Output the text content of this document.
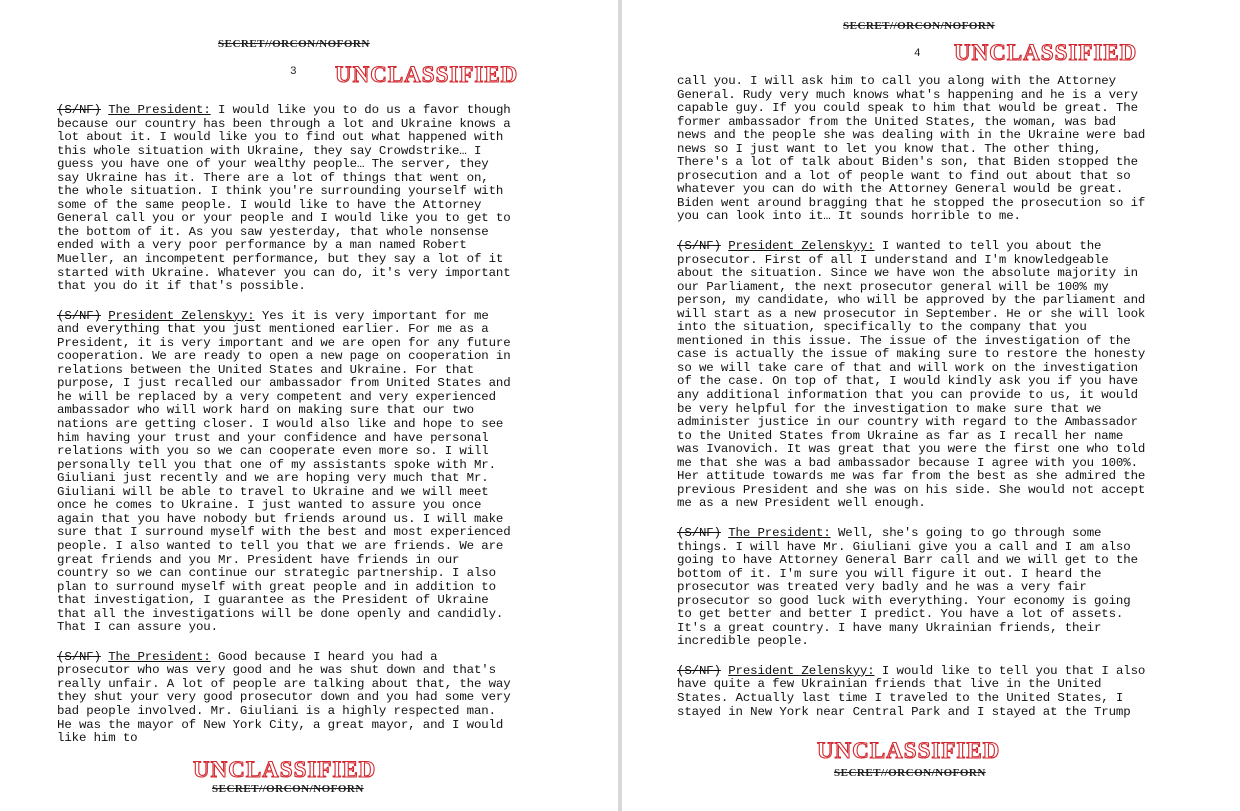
SECRET//ORCON/NOFORN
3 UNCLASSIFIED

(S/NF) The President: I would like you to do us a favor though because our country has been through a lot and Ukraine knows a lot about it. I would like you to find out what happened with this whole situation with Ukraine, they say Crowdstrike… I guess you have one of your wealthy people… The server, they say Ukraine has it. There are a lot of things that went on, the whole situation. I think you're surrounding yourself with some of the same people. I would like to have the Attorney General call you or your people and I would like you to get to the bottom of it. As you saw yesterday, that whole nonsense ended with a very poor performance by a man named Robert Mueller, an incompetent performance, but they say a lot of it started with Ukraine. Whatever you can do, it's very important that you do it if that's possible.

(S/NF) President Zelenskyy: Yes it is very important for me and everything that you just mentioned earlier. For me as a President, it is very important and we are open for any future cooperation. We are ready to open a new page on cooperation in relations between the United States and Ukraine. For that purpose, I just recalled our ambassador from United States and he will be replaced by a very competent and very experienced ambassador who will work hard on making sure that our two nations are getting closer. I would also like and hope to see him having your trust and your confidence and have personal relations with you so we can cooperate even more so. I will personally tell you that one of my assistants spoke with Mr. Giuliani just recently and we are hoping very much that Mr. Giuliani will be able to travel to Ukraine and we will meet once he comes to Ukraine. I just wanted to assure you once again that you have nobody but friends around us. I will make sure that I surround myself with the best and most experienced people. I also wanted to tell you that we are friends. We are great friends and you Mr. President have friends in our country so we can continue our strategic partnership. I also plan to surround myself with great people and in addition to that investigation, I guarantee as the President of Ukraine that all the investigations will be done openly and candidly. That I can assure you.

(S/NF) The President: Good because I heard you had a prosecutor who was very good and he was shut down and that's really unfair. A lot of people are talking about that, the way they shut your very good prosecutor down and you had some very bad people involved. Mr. Giuliani is a highly respected man. He was the mayor of New York City, a great mayor, and I would like him to

UNCLASSIFIED
SECRET//ORCON/NOFORN
SECRET//ORCON/NOFORN
4 UNCLASSIFIED

call you. I will ask him to call you along with the Attorney General. Rudy very much knows what's happening and he is a very capable guy. If you could speak to him that would be great. The former ambassador from the United States, the woman, was bad news and the people she was dealing with in the Ukraine were bad news so I just want to let you know that. The other thing, There's a lot of talk about Biden's son, that Biden stopped the prosecution and a lot of people want to find out about that so whatever you can do with the Attorney General would be great. Biden went around bragging that he stopped the prosecution so if you can look into it… It sounds horrible to me.

(S/NF) President Zelenskyy: I wanted to tell you about the prosecutor. First of all I understand and I'm knowledgeable about the situation. Since we have won the absolute majority in our Parliament, the next prosecutor general will be 100% my person, my candidate, who will be approved by the parliament and will start as a new prosecutor in September. He or she will look into the situation, specifically to the company that you mentioned in this issue. The issue of the investigation of the case is actually the issue of making sure to restore the honesty so we will take care of that and will work on the investigation of the case. On top of that, I would kindly ask you if you have any additional information that you can provide to us, it would be very helpful for the investigation to make sure that we administer justice in our country with regard to the Ambassador to the United States from Ukraine as far as I recall her name was Ivanovich. It was great that you were the first one who told me that she was a bad ambassador because I agree with you 100%. Her attitude towards me was far from the best as she admired the previous President and she was on his side. She would not accept me as a new President well enough.

(S/NF) The President: Well, she's going to go through some things. I will have Mr. Giuliani give you a call and I am also going to have Attorney General Barr call and we will get to the bottom of it. I'm sure you will figure it out. I heard the prosecutor was treated very badly and he was a very fair prosecutor so good luck with everything. Your economy is going to get better and better I predict. You have a lot of assets. It's a great country. I have many Ukrainian friends, their incredible people.

(S/NF) President Zelenskyy: I would like to tell you that I also have quite a few Ukrainian friends that live in the United States. Actually last time I traveled to the United States, I stayed in New York near Central Park and I stayed at the Trump

UNCLASSIFIED
SECRET//ORCON/NOFORN
